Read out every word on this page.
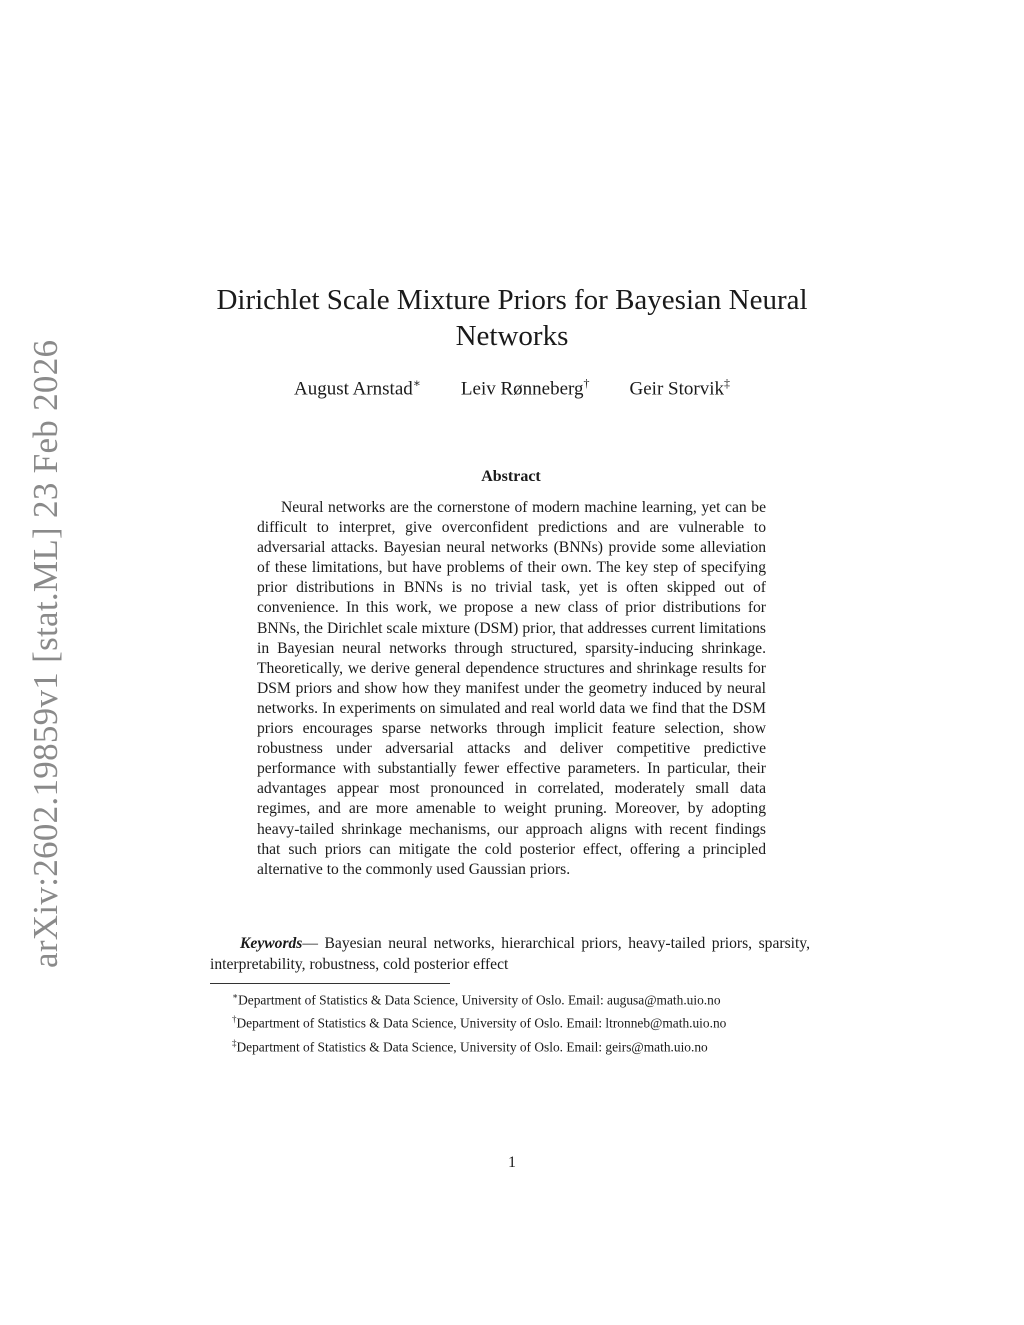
arXiv:2602.19859v1 [stat.ML] 23 Feb 2026
Dirichlet Scale Mixture Priors for Bayesian Neural
Networks
August Arnstad∗ Leiv Rønneberg† Geir Storvik‡
Abstract
Neural networks are the cornerstone of modern machine learning, yet can be difficult to interpret, give overconfident predictions and are vulnerable to adversarial attacks. Bayesian neural networks (BNNs) provide some alleviation of these limitations, but have problems of their own. The key step of specifying prior distributions in BNNs is no trivial task, yet is often skipped out of convenience. In this work, we propose a new class of prior distributions for BNNs, the Dirichlet scale mixture (DSM) prior, that addresses current limitations in Bayesian neural networks through structured, sparsity-inducing shrinkage. Theoretically, we derive general dependence structures and shrinkage results for DSM priors and show how they manifest under the geometry induced by neural networks. In experiments on simulated and real world data we find that the DSM priors encourages sparse networks through implicit feature selection, show robustness under adversarial attacks and deliver competitive predictive performance with substantially fewer effective parameters. In particular, their advantages appear most pronounced in correlated, moderately small data regimes, and are more amenable to weight pruning. Moreover, by adopting heavy-tailed shrinkage mechanisms, our approach aligns with recent findings that such priors can mitigate the cold posterior effect, offering a principled alternative to the commonly used Gaussian priors.
Keywords— Bayesian neural networks, hierarchical priors, heavy-tailed priors, sparsity, interpretability, robustness, cold posterior effect
∗Department of Statistics & Data Science, University of Oslo. Email: augusa@math.uio.no
†Department of Statistics & Data Science, University of Oslo. Email: ltronneb@math.uio.no
‡Department of Statistics & Data Science, University of Oslo. Email: geirs@math.uio.no
1
